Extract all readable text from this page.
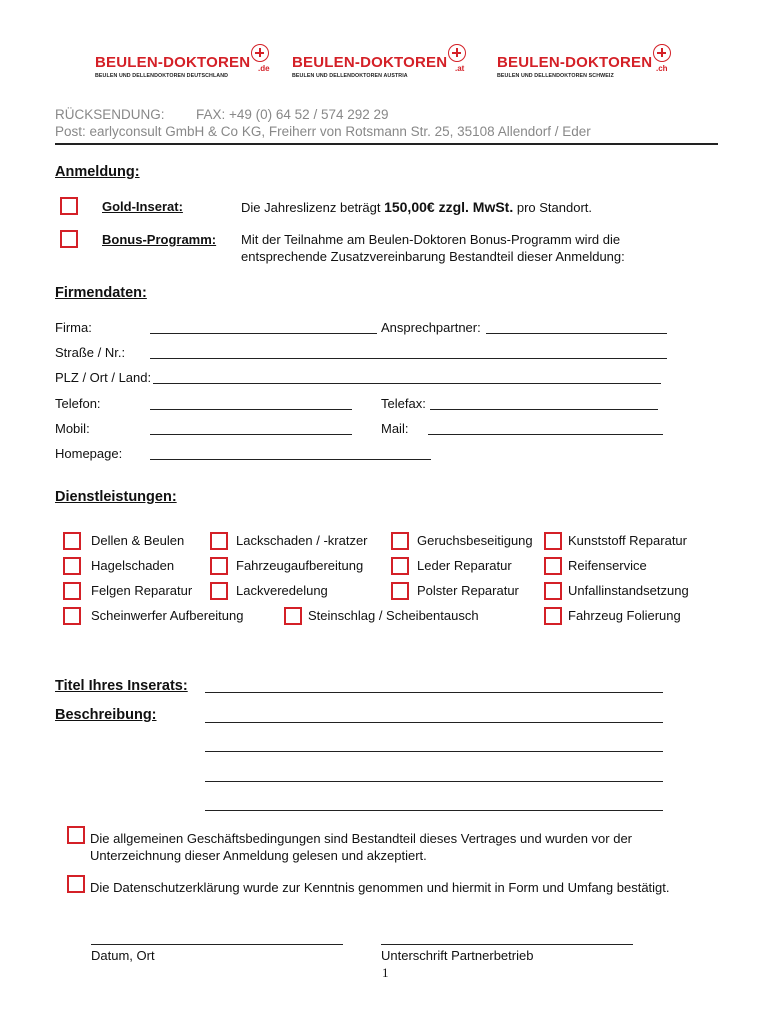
BEULEN-DOKTOREN
BEULEN UND DELLENDOKTOREN DEUTSCHLAND
.de BEULEN-DOKTOREN
BEULEN UND DELLENDOKTOREN AUSTRIA
.at BEULEN-DOKTOREN
BEULEN UND DELLENDOKTOREN SCHWEIZ
.ch
RÜCKSENDUNG: FAX: +49 (0) 64 52 / 574 292 29
Post: earlyconsult GmbH & Co KG, Freiherr von Rotsmann Str. 25, 35108 Allendorf / Eder
Anmeldung:
Gold-Inserat:	Die Jahreslizenz beträgt 150,00€ zzgl. MwSt. pro Standort.
Bonus-Programm: Mit der Teilnahme am Beulen-Doktoren Bonus-Programm wird die
entsprechende Zusatzvereinbarung Bestandteil dieser Anmeldung:
Firmendaten:
Firma:	Ansprechpartner:
Straße / Nr.:
PLZ / Ort / Land:
Telefon:	Telefax:
Mobil:	Mail:
Homepage:
Dienstleistungen:
Dellen & Beulen	Lackschaden / -kratzer	Geruchsbeseitigung	Kunststoff Reparatur
Hagelschaden	Fahrzeugaufbereitung	Leder Reparatur	Reifenservice
Felgen Reparatur	Lackveredelung	Polster Reparatur	Unfallinstandsetzung
Scheinwerfer Aufbereitung	Steinschlag / Scheibentausch	Fahrzeug Folierung
Titel Ihres Inserats:
Beschreibung:
Die allgemeinen Geschäftsbedingungen sind Bestandteil dieses Vertrages und wurden vor der
Unterzeichnung dieser Anmeldung gelesen und akzeptiert.
Die Datenschutzerklärung wurde zur Kenntnis genommen und hiermit in Form und Umfang bestätigt.
Datum, Ort	Unterschrift Partnerbetrieb
1
